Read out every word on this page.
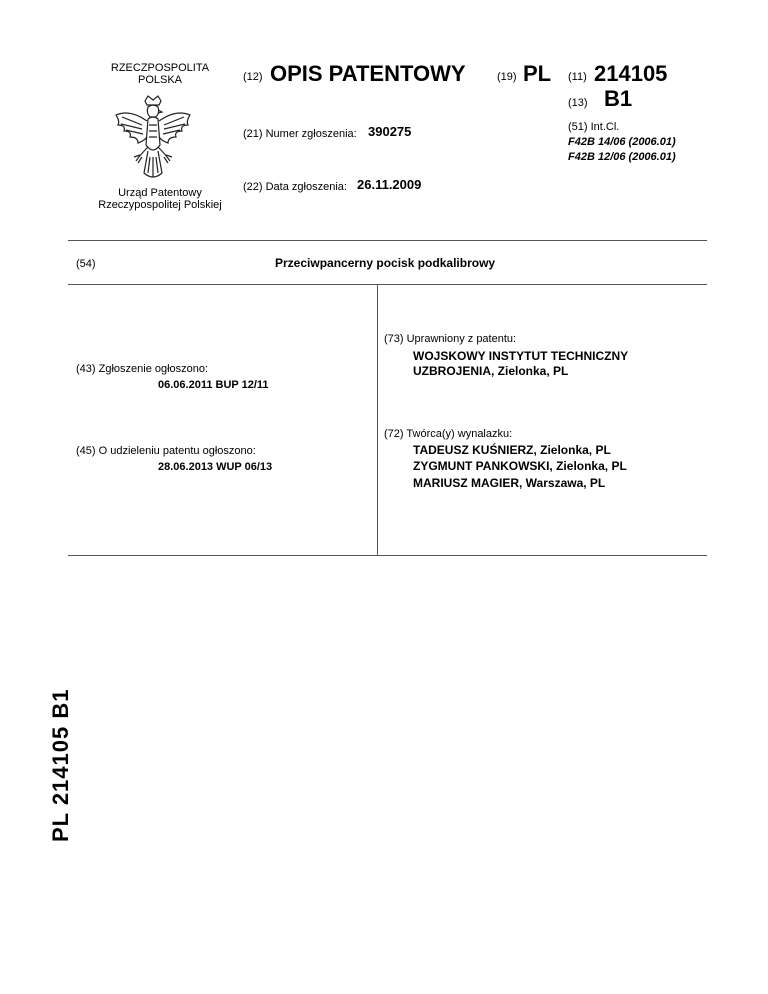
RZECZPOSPOLITA
POLSKA
Urząd Patentowy
Rzeczypospolitej Polskiej
(12) OPIS PATENTOWY	(19) PL (11) 214105
(13) B1
(21) Numer zgłoszenia: 390275	(51) Int.Cl.
F42B 14/06 (2006.01)
F42B 12/06 (2006.01)
(22) Data zgłoszenia: 26.11.2009
(54)	Przeciwpancerny pocisk podkalibrowy
(43) Zgłoszenie ogłoszono:
06.06.2011 BUP 12/11
(45) O udzieleniu patentu ogłoszono:
28.06.2013 WUP 06/13
(73) Uprawniony z patentu:
WOJSKOWY INSTYTUT TECHNICZNY
UZBROJENIA, Zielonka, PL
(72) Twórca(y) wynalazku:
TADEUSZ KUŚNIERZ, Zielonka, PL
ZYGMUNT PANKOWSKI, Zielonka, PL
MARIUSZ MAGIER, Warszawa, PL
PL 214105 B1
